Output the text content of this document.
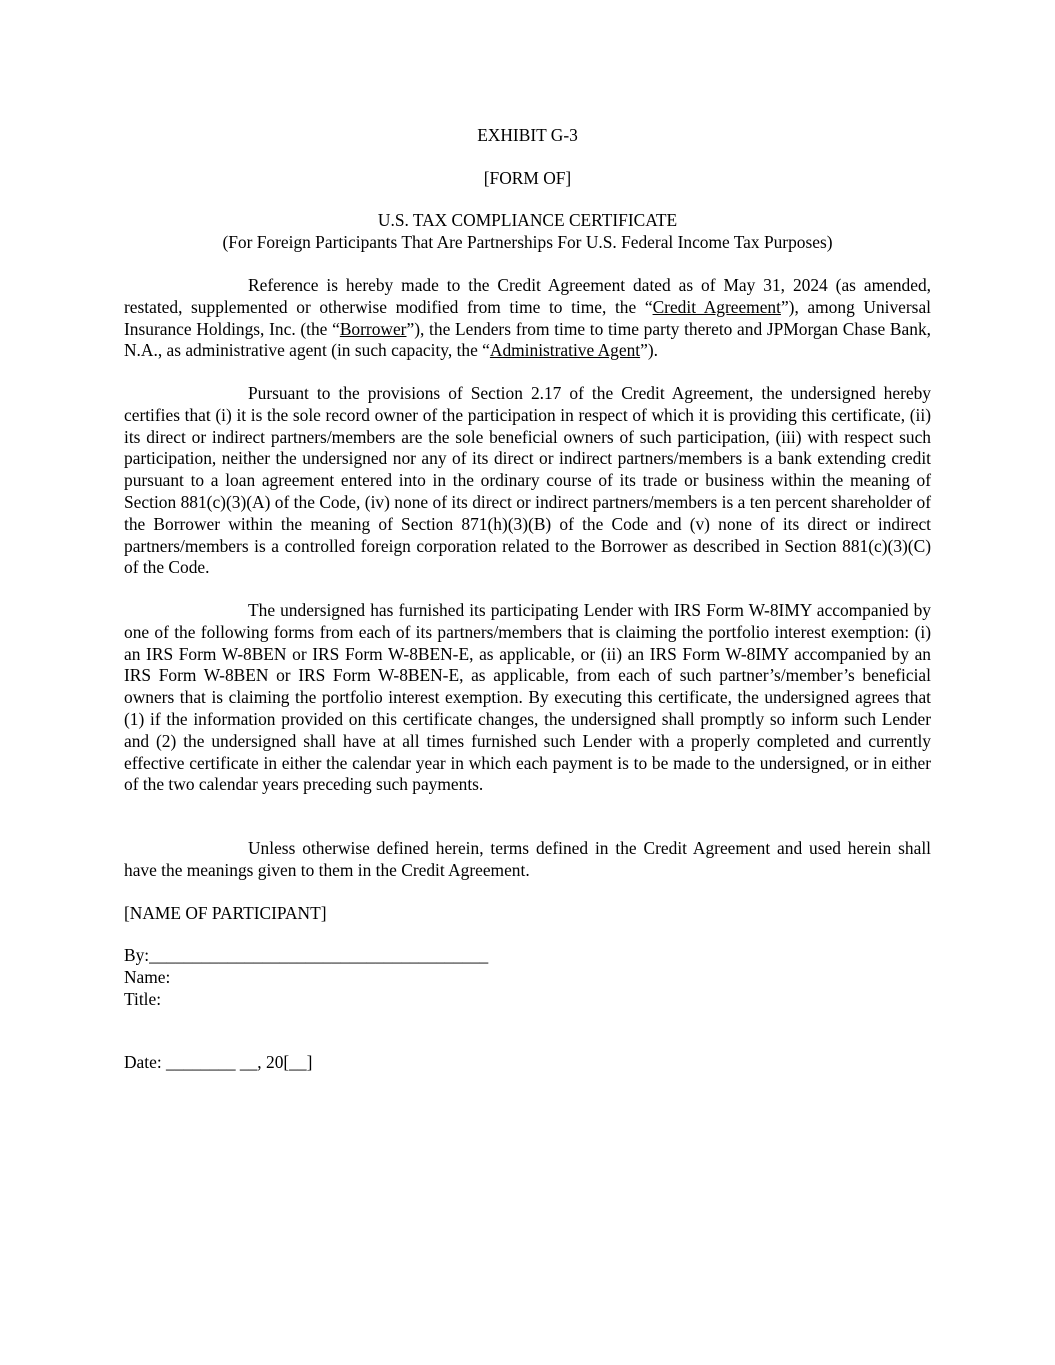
EXHIBIT G-3
[FORM OF]
U.S. TAX COMPLIANCE CERTIFICATE
(For Foreign Participants That Are Partnerships For U.S. Federal Income Tax Purposes)
Reference is hereby made to the Credit Agreement dated as of May 31, 2024 (as amended, restated, supplemented or otherwise modified from time to time, the “Credit Agreement”), among Universal Insurance Holdings, Inc. (the “Borrower”), the Lenders from time to time party thereto and JPMorgan Chase Bank, N.A., as administrative agent (in such capacity, the “Administrative Agent”).
Pursuant to the provisions of Section 2.17 of the Credit Agreement, the undersigned hereby certifies that (i) it is the sole record owner of the participation in respect of which it is providing this certificate, (ii) its direct or indirect partners/members are the sole beneficial owners of such participation, (iii) with respect such participation, neither the undersigned nor any of its direct or indirect partners/members is a bank extending credit pursuant to a loan agreement entered into in the ordinary course of its trade or business within the meaning of Section 881(c)(3)(A) of the Code, (iv) none of its direct or indirect partners/members is a ten percent shareholder of the Borrower within the meaning of Section 871(h)(3)(B) of the Code and (v) none of its direct or indirect partners/members is a controlled foreign corporation related to the Borrower as described in Section 881(c)(3)(C) of the Code.
The undersigned has furnished its participating Lender with IRS Form W-8IMY accompanied by one of the following forms from each of its partners/members that is claiming the portfolio interest exemption: (i) an IRS Form W-8BEN or IRS Form W-8BEN-E, as applicable, or (ii) an IRS Form W-8IMY accompanied by an IRS Form W-8BEN or IRS Form W-8BEN-E, as applicable, from each of such partner’s/member’s beneficial owners that is claiming the portfolio interest exemption. By executing this certificate, the undersigned agrees that (1) if the information provided on this certificate changes, the undersigned shall promptly so inform such Lender and (2) the undersigned shall have at all times furnished such Lender with a properly completed and currently effective certificate in either the calendar year in which each payment is to be made to the undersigned, or in either of the two calendar years preceding such payments.
Unless otherwise defined herein, terms defined in the Credit Agreement and used herein shall have the meanings given to them in the Credit Agreement.
[NAME OF PARTICIPANT]
By:_______________________________________
Name:
Title:
Date: ________ __, 20[__]
